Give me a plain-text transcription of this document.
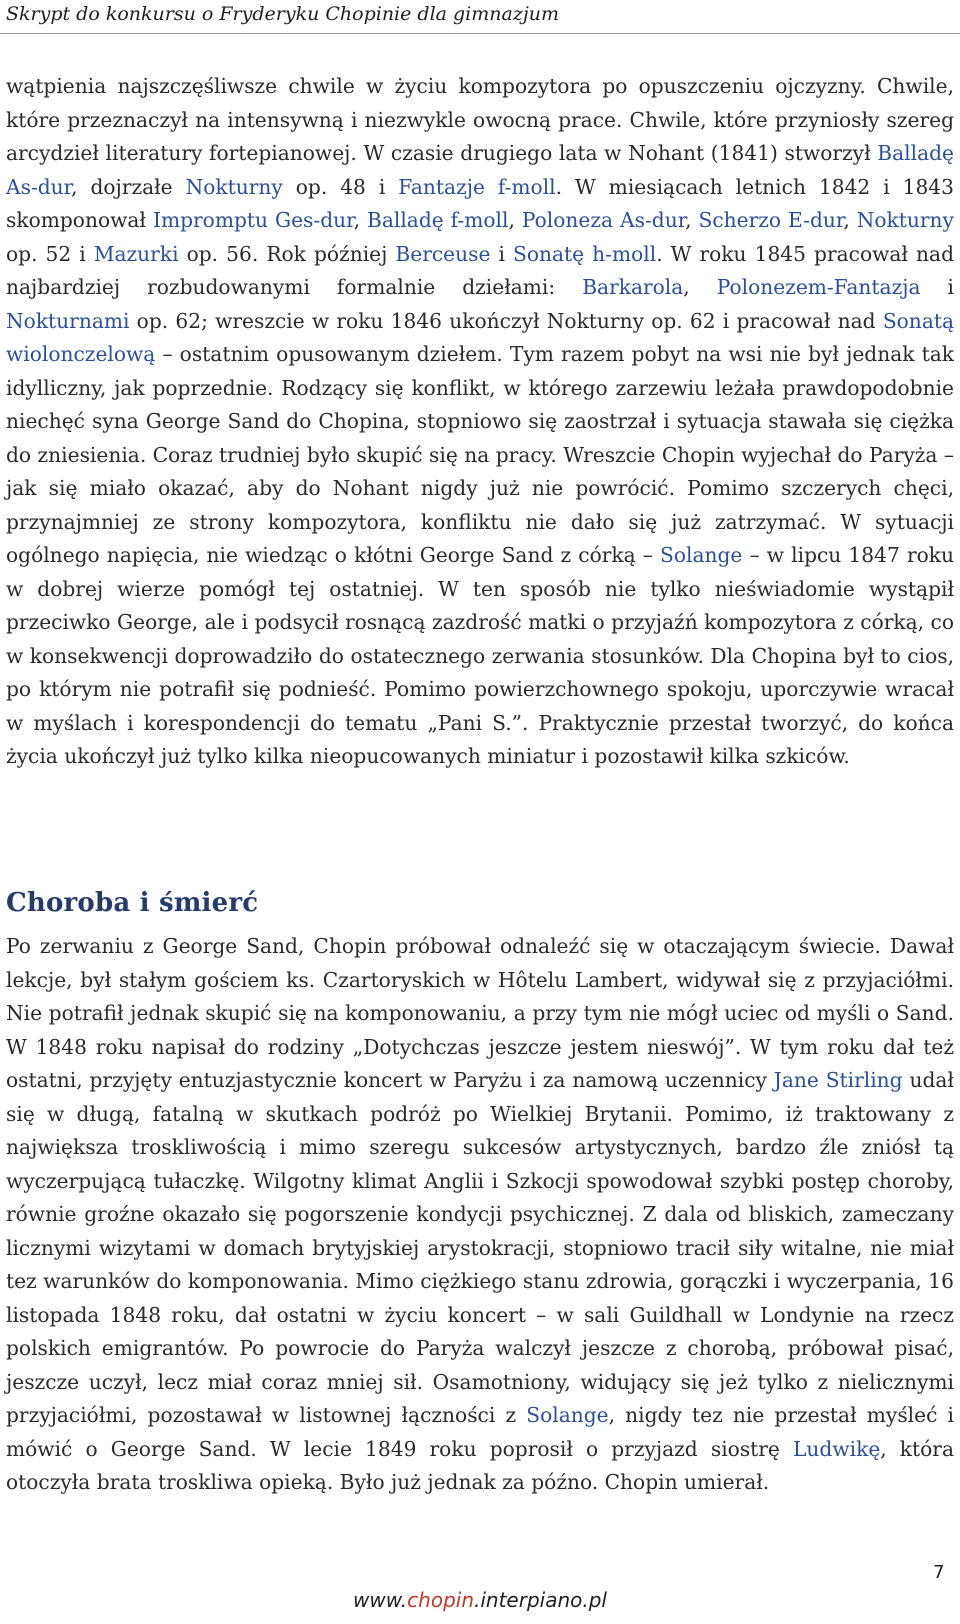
Skrypt do konkursu o Fryderyku Chopinie dla gimnazjum

wątpienia najszczęśliwsze chwile w życiu kompozytora po opuszczeniu ojczyzny. Chwile, które przeznaczył na intensywną i niezwykle owocną prace. Chwile, które przyniosły szereg arcydzieł literatury fortepianowej. W czasie drugiego lata w Nohant (1841) stworzył Balladę As-dur, dojrzałe Nokturny op. 48 i Fantazje f-moll. W miesiącach letnich 1842 i 1843 skomponował Impromptu Ges-dur, Balladę f-moll, Poloneza As-dur, Scherzo E-dur, Nokturny op. 52 i Mazurki op. 56. Rok później Berceuse i Sonatę h-moll. W roku 1845 pracował nad najbardziej rozbudowanymi formalnie dziełami: Barkarola, Polonezem-Fantazja i Nokturnami op. 62; wreszcie w roku 1846 ukończył Nokturny op. 62 i pracował nad Sonatą wiolonczelową – ostatnim opusowanym dziełem. Tym razem pobyt na wsi nie był jednak tak idylliczny, jak poprzednie. Rodzący się konflikt, w którego zarzewiu leżała prawdopodobnie niechęć syna George Sand do Chopina, stopniowo się zaostrzał i sytuacja stawała się ciężka do zniesienia. Coraz trudniej było skupić się na pracy. Wreszcie Chopin wyjechał do Paryża – jak się miało okazać, aby do Nohant nigdy już nie powrócić. Pomimo szczerych chęci, przynajmniej ze strony kompozytora, konfliktu nie dało się już zatrzymać. W sytuacji ogólnego napięcia, nie wiedząc o kłótni George Sand z córką – Solange – w lipcu 1847 roku w dobrej wierze pomógł tej ostatniej. W ten sposób nie tylko nieświadomie wystąpił przeciwko George, ale i podsycił rosnącą zazdrość matki o przyjaźń kompozytora z córką, co w konsekwencji doprowadziło do ostatecznego zerwania stosunków. Dla Chopina był to cios, po którym nie potrafił się podnieść. Pomimo powierzchownego spokoju, uporczywie wracał w myślach i korespondencji do tematu „Pani S.”. Praktycznie przestał tworzyć, do końca życia ukończył już tylko kilka nieopucowanych miniatur i pozostawił kilka szkiców.

Choroba i śmierć

Po zerwaniu z George Sand, Chopin próbował odnaleźć się w otaczającym świecie. Dawał lekcje, był stałym gościem ks. Czartoryskich w Hôtelu Lambert, widywał się z przyjaciółmi. Nie potrafił jednak skupić się na komponowaniu, a przy tym nie mógł uciec od myśli o Sand. W 1848 roku napisał do rodziny „Dotychczas jeszcze jestem nieswój”. W tym roku dał też ostatni, przyjęty entuzjastycznie koncert w Paryżu i za namową uczennicy Jane Stirling udał się w długą, fatalną w skutkach podróż po Wielkiej Brytanii. Pomimo, iż traktowany z największa troskliwością i mimo szeregu sukcesów artystycznych, bardzo źle zniósł tą wyczerpującą tułaczkę. Wilgotny klimat Anglii i Szkocji spowodował szybki postęp choroby, równie groźne okazało się pogorszenie kondycji psychicznej. Z dala od bliskich, zameczany licznymi wizytami w domach brytyjskiej arystokracji, stopniowo tracił siły witalne, nie miał tez warunków do komponowania. Mimo ciężkiego stanu zdrowia, gorączki i wyczerpania, 16 listopada 1848 roku, dał ostatni w życiu koncert – w sali Guildhall w Londynie na rzecz polskich emigrantów. Po powrocie do Paryża walczył jeszcze z chorobą, próbował pisać, jeszcze uczył, lecz miał coraz mniej sił. Osamotniony, widujący się jeż tylko z nielicznymi przyjaciółmi, pozostawał w listownej łączności z Solange, nigdy tez nie przestał myśleć i mówić o George Sand. W lecie 1849 roku poprosił o przyjazd siostrę Ludwikę, która otoczyła brata troskliwa opieką. Było już jednak za późno. Chopin umierał.

7
www.chopin.interpiano.pl
